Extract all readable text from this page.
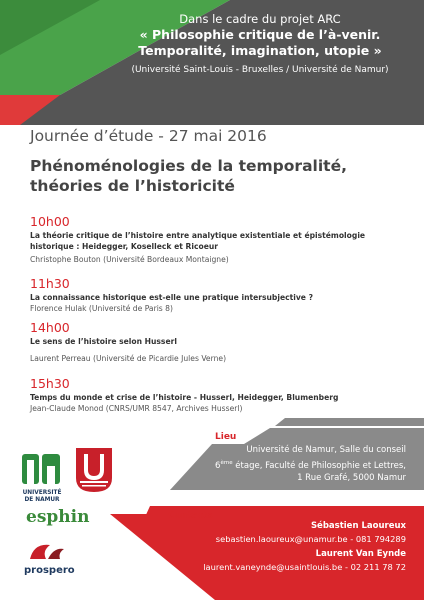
Dans le cadre du projet ARC
« Philosophie critique de l’à-venir.
Temporalité, imagination, utopie »
(Université Saint-Louis - Bruxelles / Université de Namur)
Journée d’étude - 27 mai 2016
Phénoménologies de la temporalité,
théories de l’historicité
10h00
La théorie critique de l’histoire entre analytique existentiale et épistémologie
historique : Heidegger, Koselleck et Ricoeur
Christophe Bouton (Université Bordeaux Montaigne)
11h30
La connaissance historique est-elle une pratique intersubjective ?
Florence Hulak (Université de Paris 8)
14h00
Le sens de l’histoire selon Husserl
Laurent Perreau (Université de Picardie Jules Verne)
15h30
Temps du monde et crise de l’histoire - Husserl, Heidegger, Blumenberg
Jean-Claude Monod (CNRS/UMR 8547, Archives Husserl)
Lieu
Université de Namur, Salle du conseil
6ème étage, Faculté de Philosophie et Lettres,
1 Rue Grafé, 5000 Namur
Contacts
Sébastien Laoureux
sebastien.laoureux@unamur.be - 081 794289
Laurent Van Eynde
laurent.vaneynde@usaintlouis.be - 02 211 78 72
UNIVERSITÉ
DE NAMUR
esphin
prospero
